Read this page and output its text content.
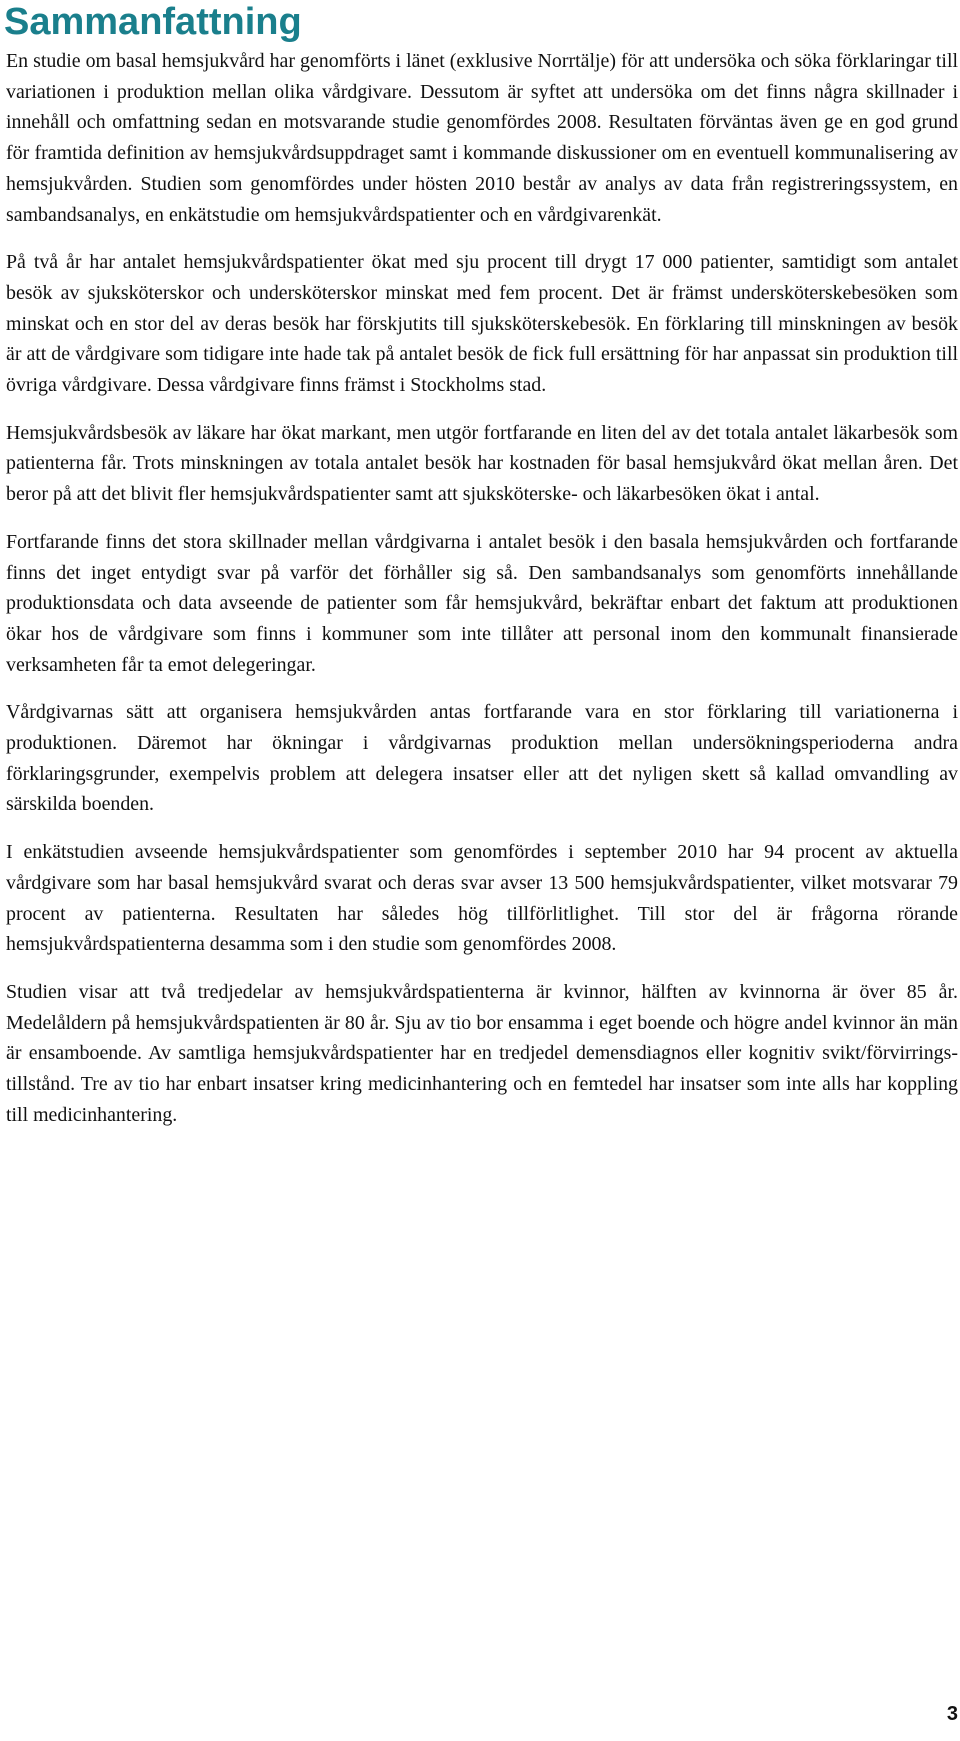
Sammanfattning

En studie om basal hemsjukvård har genomförts i länet (exklusive Norrtälje) för att undersöka och söka förklaringar till variationen i produktion mellan olika vårdgivare. Dessutom är syftet att undersöka om det finns några skillnader i innehåll och omfattning sedan en motsvarande studie genomfördes 2008. Resultaten förväntas även ge en god grund för framtida definition av hemsjukvårdsuppdraget samt i kommande diskussioner om en eventuell kommunalisering av hemsjukvården. Studien som genomfördes under hösten 2010 består av analys av data från registreringssystem, en sambandsanalys, en enkätstudie om hemsjukvårdspatienter och en vårdgivarenkät.

På två år har antalet hemsjukvårdspatienter ökat med sju procent till drygt 17 000 patienter, samtidigt som antalet besök av sjuksköterskor och undersköterskor minskat med fem procent. Det är främst undersköterskebesöken som minskat och en stor del av deras besök har förskjutits till sjuksköterskebesök. En förklaring till minskningen av besök är att de vårdgivare som tidigare inte hade tak på antalet besök de fick full ersättning för har anpassat sin produktion till övriga vårdgivare. Dessa vårdgivare finns främst i Stockholms stad.

Hemsjukvårdsbesök av läkare har ökat markant, men utgör fortfarande en liten del av det totala antalet läkarbesök som patienterna får. Trots minskningen av totala antalet besök har kostnaden för basal hemsjukvård ökat mellan åren. Det beror på att det blivit fler hemsjukvårdspatienter samt att sjuksköterske- och läkarbesöken ökat i antal.

Fortfarande finns det stora skillnader mellan vårdgivarna i antalet besök i den basala hemsjukvården och fortfarande finns det inget entydigt svar på varför det förhåller sig så. Den sambandsanalys som genomförts innehållande produktionsdata och data avseende de patienter som får hemsjukvård, bekräftar enbart det faktum att produktionen ökar hos de vårdgivare som finns i kommuner som inte tillåter att personal inom den kommunalt finansierade verksamheten får ta emot delegeringar.

Vårdgivarnas sätt att organisera hemsjukvården antas fortfarande vara en stor förklaring till variationerna i produktionen. Däremot har ökningar i vårdgivarnas produktion mellan undersökningsperioderna andra förklaringsgrunder, exempelvis problem att delegera insatser eller att det nyligen skett så kallad omvandling av särskilda boenden.

I enkätstudien avseende hemsjukvårdspatienter som genomfördes i september 2010 har 94 procent av aktuella vårdgivare som har basal hemsjukvård svarat och deras svar avser 13 500 hemsjukvårdspatienter, vilket motsvarar 79 procent av patienterna. Resultaten har således hög tillförlitlighet. Till stor del är frågorna rörande hemsjukvårdspatienterna desamma som i den studie som genomfördes 2008.

Studien visar att två tredjedelar av hemsjukvårdspatienterna är kvinnor, hälften av kvinnorna är över 85 år. Medelåldern på hemsjukvårdspatienten är 80 år. Sju av tio bor ensamma i eget boende och högre andel kvinnor än män är ensamboende. Av samtliga hemsjukvårdspatienter har en tredjedel demensdiagnos eller kognitiv svikt/förvirringstillstånd. Tre av tio har enbart insatser kring medicinhantering och en femtedel har insatser som inte alls har koppling till medicinhantering.

3
